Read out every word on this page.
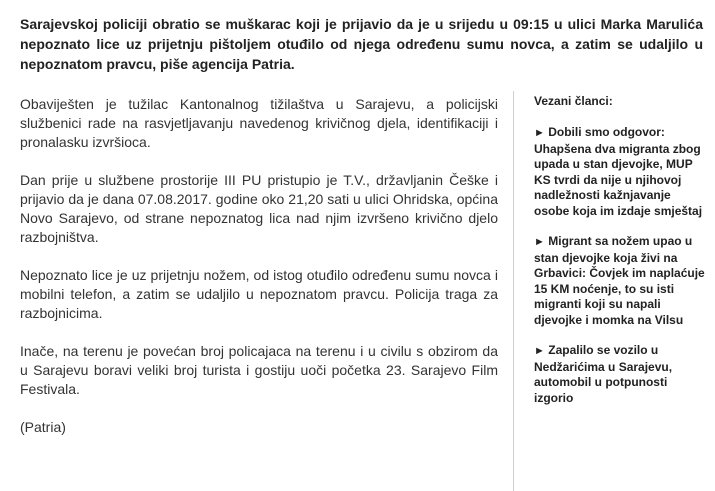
Sarajevskoj policiji obratio se muškarac koji je prijavio da je u srijedu u 09:15 u ulici Marka Marulića nepoznato lice uz prijetnju pištoljem otuđilo od njega određenu sumu novca, a zatim se udaljilo u nepoznatom pravcu, piše agencija Patria.

Obaviješten je tužilac Kantonalnog tižilaštva u Sarajevu, a policijski službenici rade na rasvjetljavanju navedenog krivičnog djela, identifikaciji i pronalasku izvršioca.

Dan prije u službene prostorije III PU pristupio je T.V., državljanin Češke i prijavio da je dana 07.08.2017. godine oko 21,20 sati u ulici Ohridska, općina Novo Sarajevo, od strane nepoznatog lica nad njim izvršeno krivično djelo razbojništva.

Nepoznato lice je uz prijetnju nožem, od istog otuđilo određenu sumu novca i mobilni telefon, a zatim se udaljilo u nepoznatom pravcu. Policija traga za razbojnicima.

Inače, na terenu je povećan broj policajaca na terenu i u civilu s obzirom da u Sarajevu boravi veliki broj turista i gostiju uoči početka 23. Sarajevo Film Festivala.

(Patria)

Vezani članci:
► Dobili smo odgovor: Uhapšena dva migranta zbog upada u stan djevojke, MUP KS tvrdi da nije u njihovoj nadležnosti kažnjavanje osobe koja im izdaje smještaj
► Migrant sa nožem upao u stan djevojke koja živi na Grbavici: Čovjek im naplaćuje 15 KM noćenje, to su isti migranti koji su napali djevojke i momka na Vilsu
► Zapalilo se vozilo u Nedžarićima u Sarajevu, automobil u potpunosti izgorio
